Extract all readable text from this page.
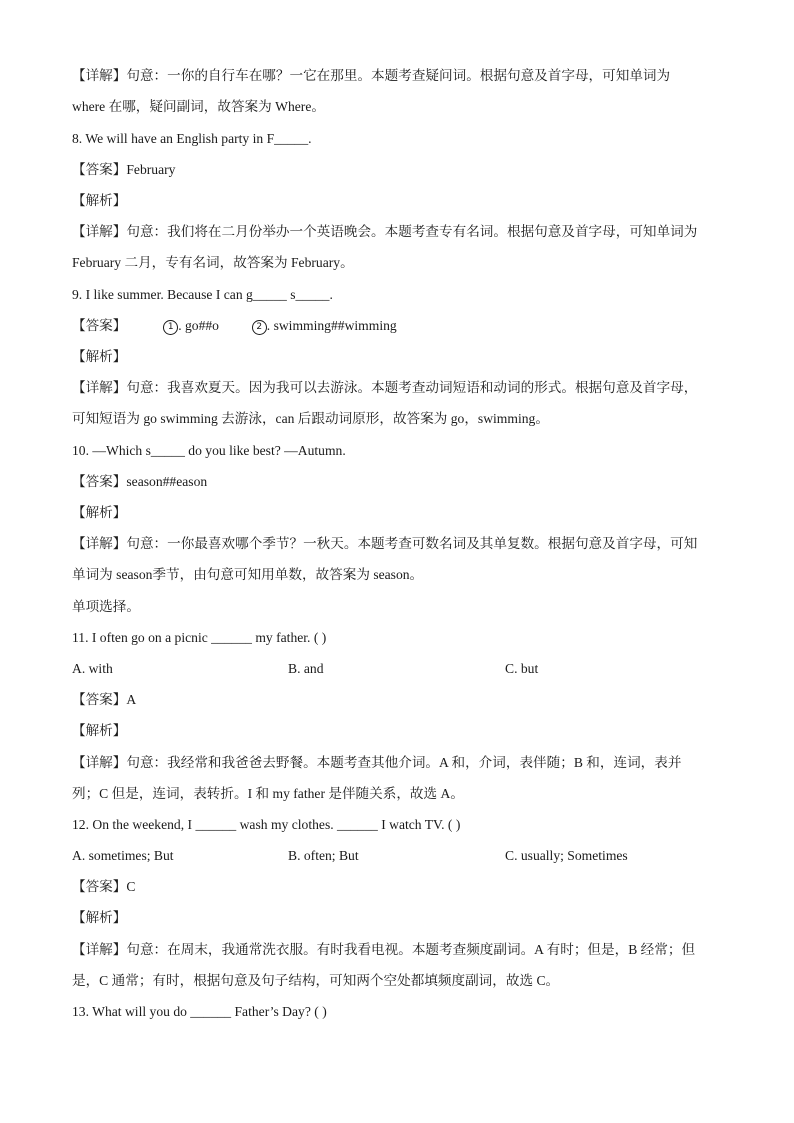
【详解】句意：一你的自行车在哪？一它在那里。本题考查疑问词。根据句意及首字母，可知单词为
where 在哪，疑问副词，故答案为 Where。
8. We will have an English party in F_____.
【答案】February
【解析】
【详解】句意：我们将在二月份举办一个英语晚会。本题考查专有名词。根据句意及首字母，可知单词为
February 二月，专有名词，故答案为 February。
9. I like summer. Because I can g_____ s_____.
【答案】	1 . go##o	2 . swimming##wimming
【解析】
【详解】句意：我喜欢夏天。因为我可以去游泳。本题考查动词短语和动词的形式。根据句意及首字母，
可知短语为 go swimming 去游泳，can 后跟动词原形，故答案为 go，swimming。
10. —Which s_____ do you like best? —Autumn.
【答案】season##eason
【解析】
【详解】句意：一你最喜欢哪个季节？一秋天。本题考查可数名词及其单复数。根据句意及首字母，可知
单词为 season季节，由句意可知用单数，故答案为 season。
单项选择。
11. I often go on a picnic ______ my father. ( )
A. with	B. and	C. but
【答案】A
【解析】
【详解】句意：我经常和我爸爸去野餐。本题考查其他介词。A 和，介词，表伴随；B 和，连词，表并
列；C 但是，连词，表转折。I 和 my father 是伴随关系，故选 A。
12. On the weekend, I ______ wash my clothes. ______ I watch TV. ( )
A. sometimes; But	B. often; But	C. usually; Sometimes
【答案】C
【解析】
【详解】句意：在周末，我通常洗衣服。有时我看电视。本题考查频度副词。A 有时；但是，B 经常；但
是，C 通常；有时，根据句意及句子结构，可知两个空处都填频度副词，故选 C。
13. What will you do ______ Father’s Day? ( )
